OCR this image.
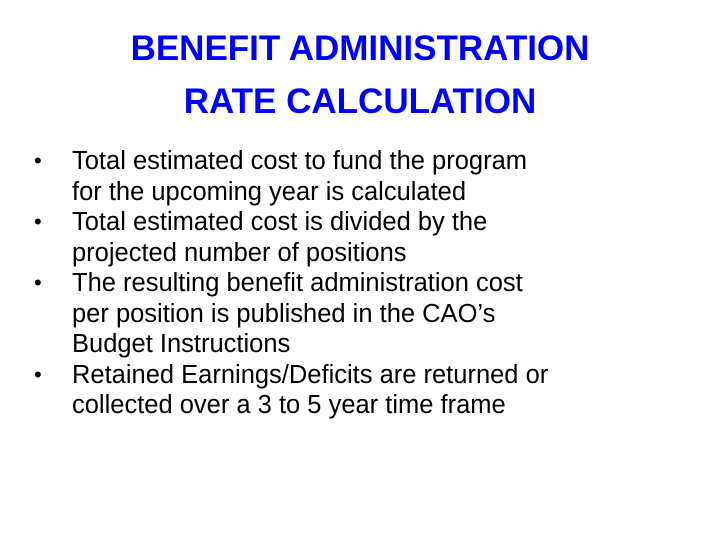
BENEFIT ADMINISTRATION
RATE CALCULATION
•	Total estimated cost to fund the program
for the upcoming year is calculated
•	Total estimated cost is divided by the
projected number of positions
•	The resulting benefit administration cost
per position is published in the CAO’s
Budget Instructions
•	Retained Earnings/Deficits are returned or
collected over a 3 to 5 year time frame
